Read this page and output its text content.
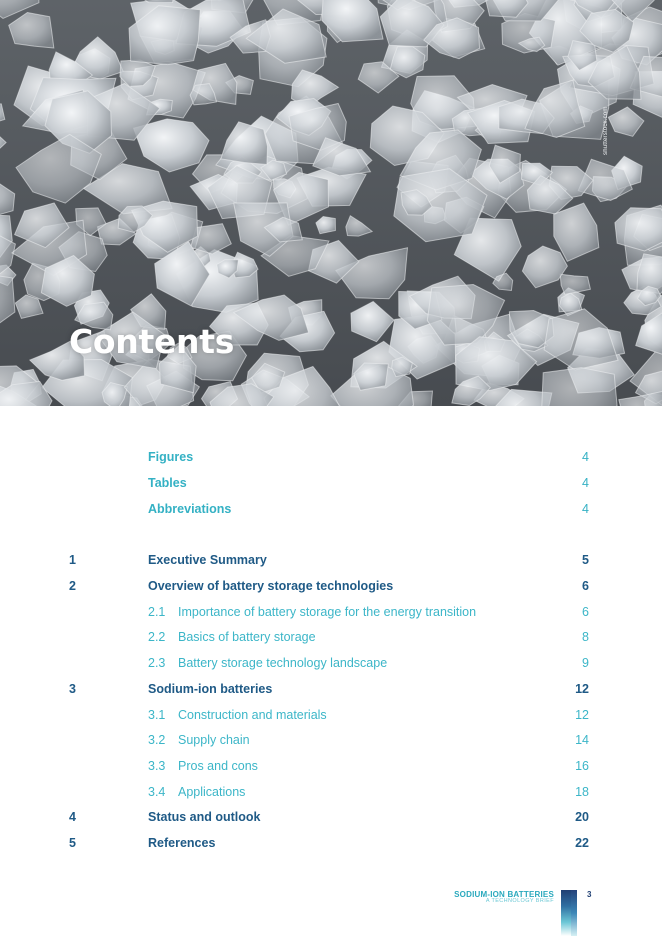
shutterstock.com
Contents
Figures	4
Tables	4
Abbreviations	4
1	Executive Summary	5
2	Overview of battery storage technologies	6
2.1 Importance of battery storage for the energy transition	6
2.2 Basics of battery storage	8
2.3 Battery storage technology landscape	9
3	Sodium-ion batteries	12
3.1 Construction and materials	12
3.2 Supply chain	14
3.3 Pros and cons	16
3.4 Applications	18
4	Status and outlook	20
5	References	22
SODIUM-ION BATTERIES
A TECHNOLOGY BRIEF
3
